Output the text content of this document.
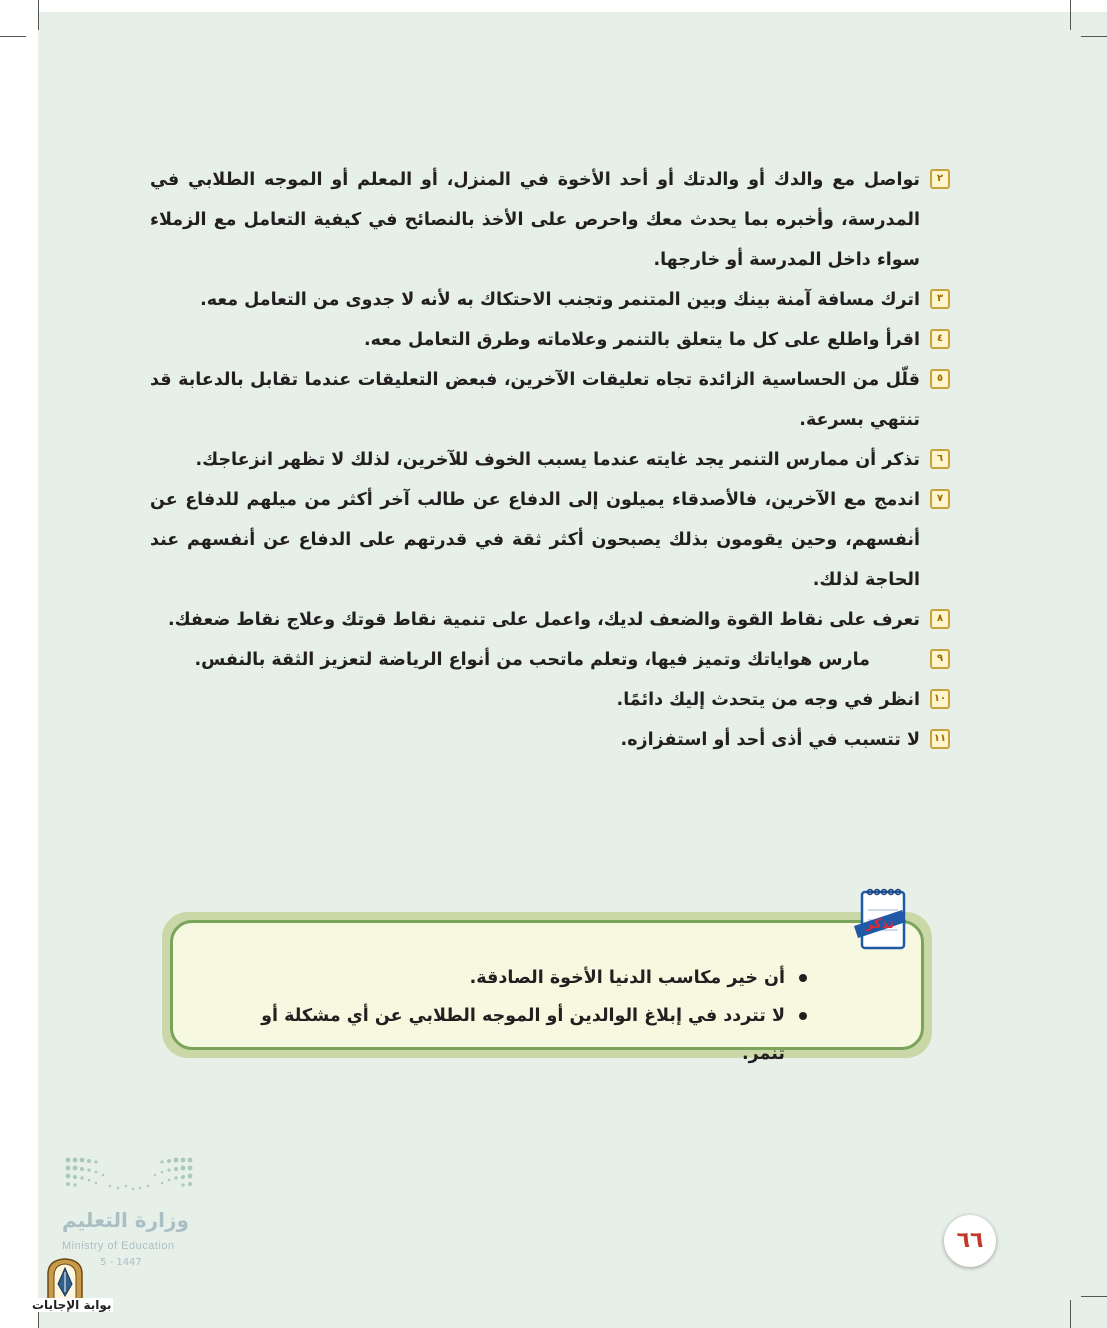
٢
تواصل مع والدك أو والدتك أو أحد الأخوة في المنزل، أو المعلم أو الموجه الطلابي في المدرسة، وأخبره بما يحدث معك واحرص على الأخذ بالنصائح في كيفية التعامل مع الزملاء سواء داخل المدرسة أو خارجها.
٣
اترك مسافة آمنة بينك وبين المتنمر وتجنب الاحتكاك به لأنه لا جدوى من التعامل معه.
٤
اقرأ واطلع على كل ما يتعلق بالتنمر وعلاماته وطرق التعامل معه.
٥
قلّل من الحساسية الزائدة تجاه تعليقات الآخرين، فبعض التعليقات عندما تقابل بالدعابة قد تنتهي بسرعة.
٦
تذكر أن ممارس التنمر يجد غايته عندما يسبب الخوف للآخرين، لذلك لا تظهر انزعاجك.
٧
اندمج مع الآخرين، فالأصدقاء يميلون إلى الدفاع عن طالب آخر أكثر من ميلهم للدفاع عن أنفسهم، وحين يقومون بذلك يصبحون أكثر ثقة في قدرتهم على الدفاع عن أنفسهم عند الحاجة لذلك.
٨
تعرف على نقاط القوة والضعف لديك، واعمل على تنمية نقاط قوتك وعلاج نقاط ضعفك.
٩
مارس هواياتك وتميز فيها، وتعلم ماتحب من أنواع الرياضة لتعزيز الثقة بالنفس.
١٠
انظر في وجه من يتحدث إليك دائمًا.
١١
لا تتسبب في أذى أحد أو استفزازه.
أن خير مكاسب الدنيا الأخوة الصادقة.
لا تتردد في إبلاغ الوالدين أو الموجه الطلابي عن أي مشكلة أو تنمر.
تذكر
وزارة التعليم
Ministry of Education
5 - 1447
٦٦
بوابة الإجابات
